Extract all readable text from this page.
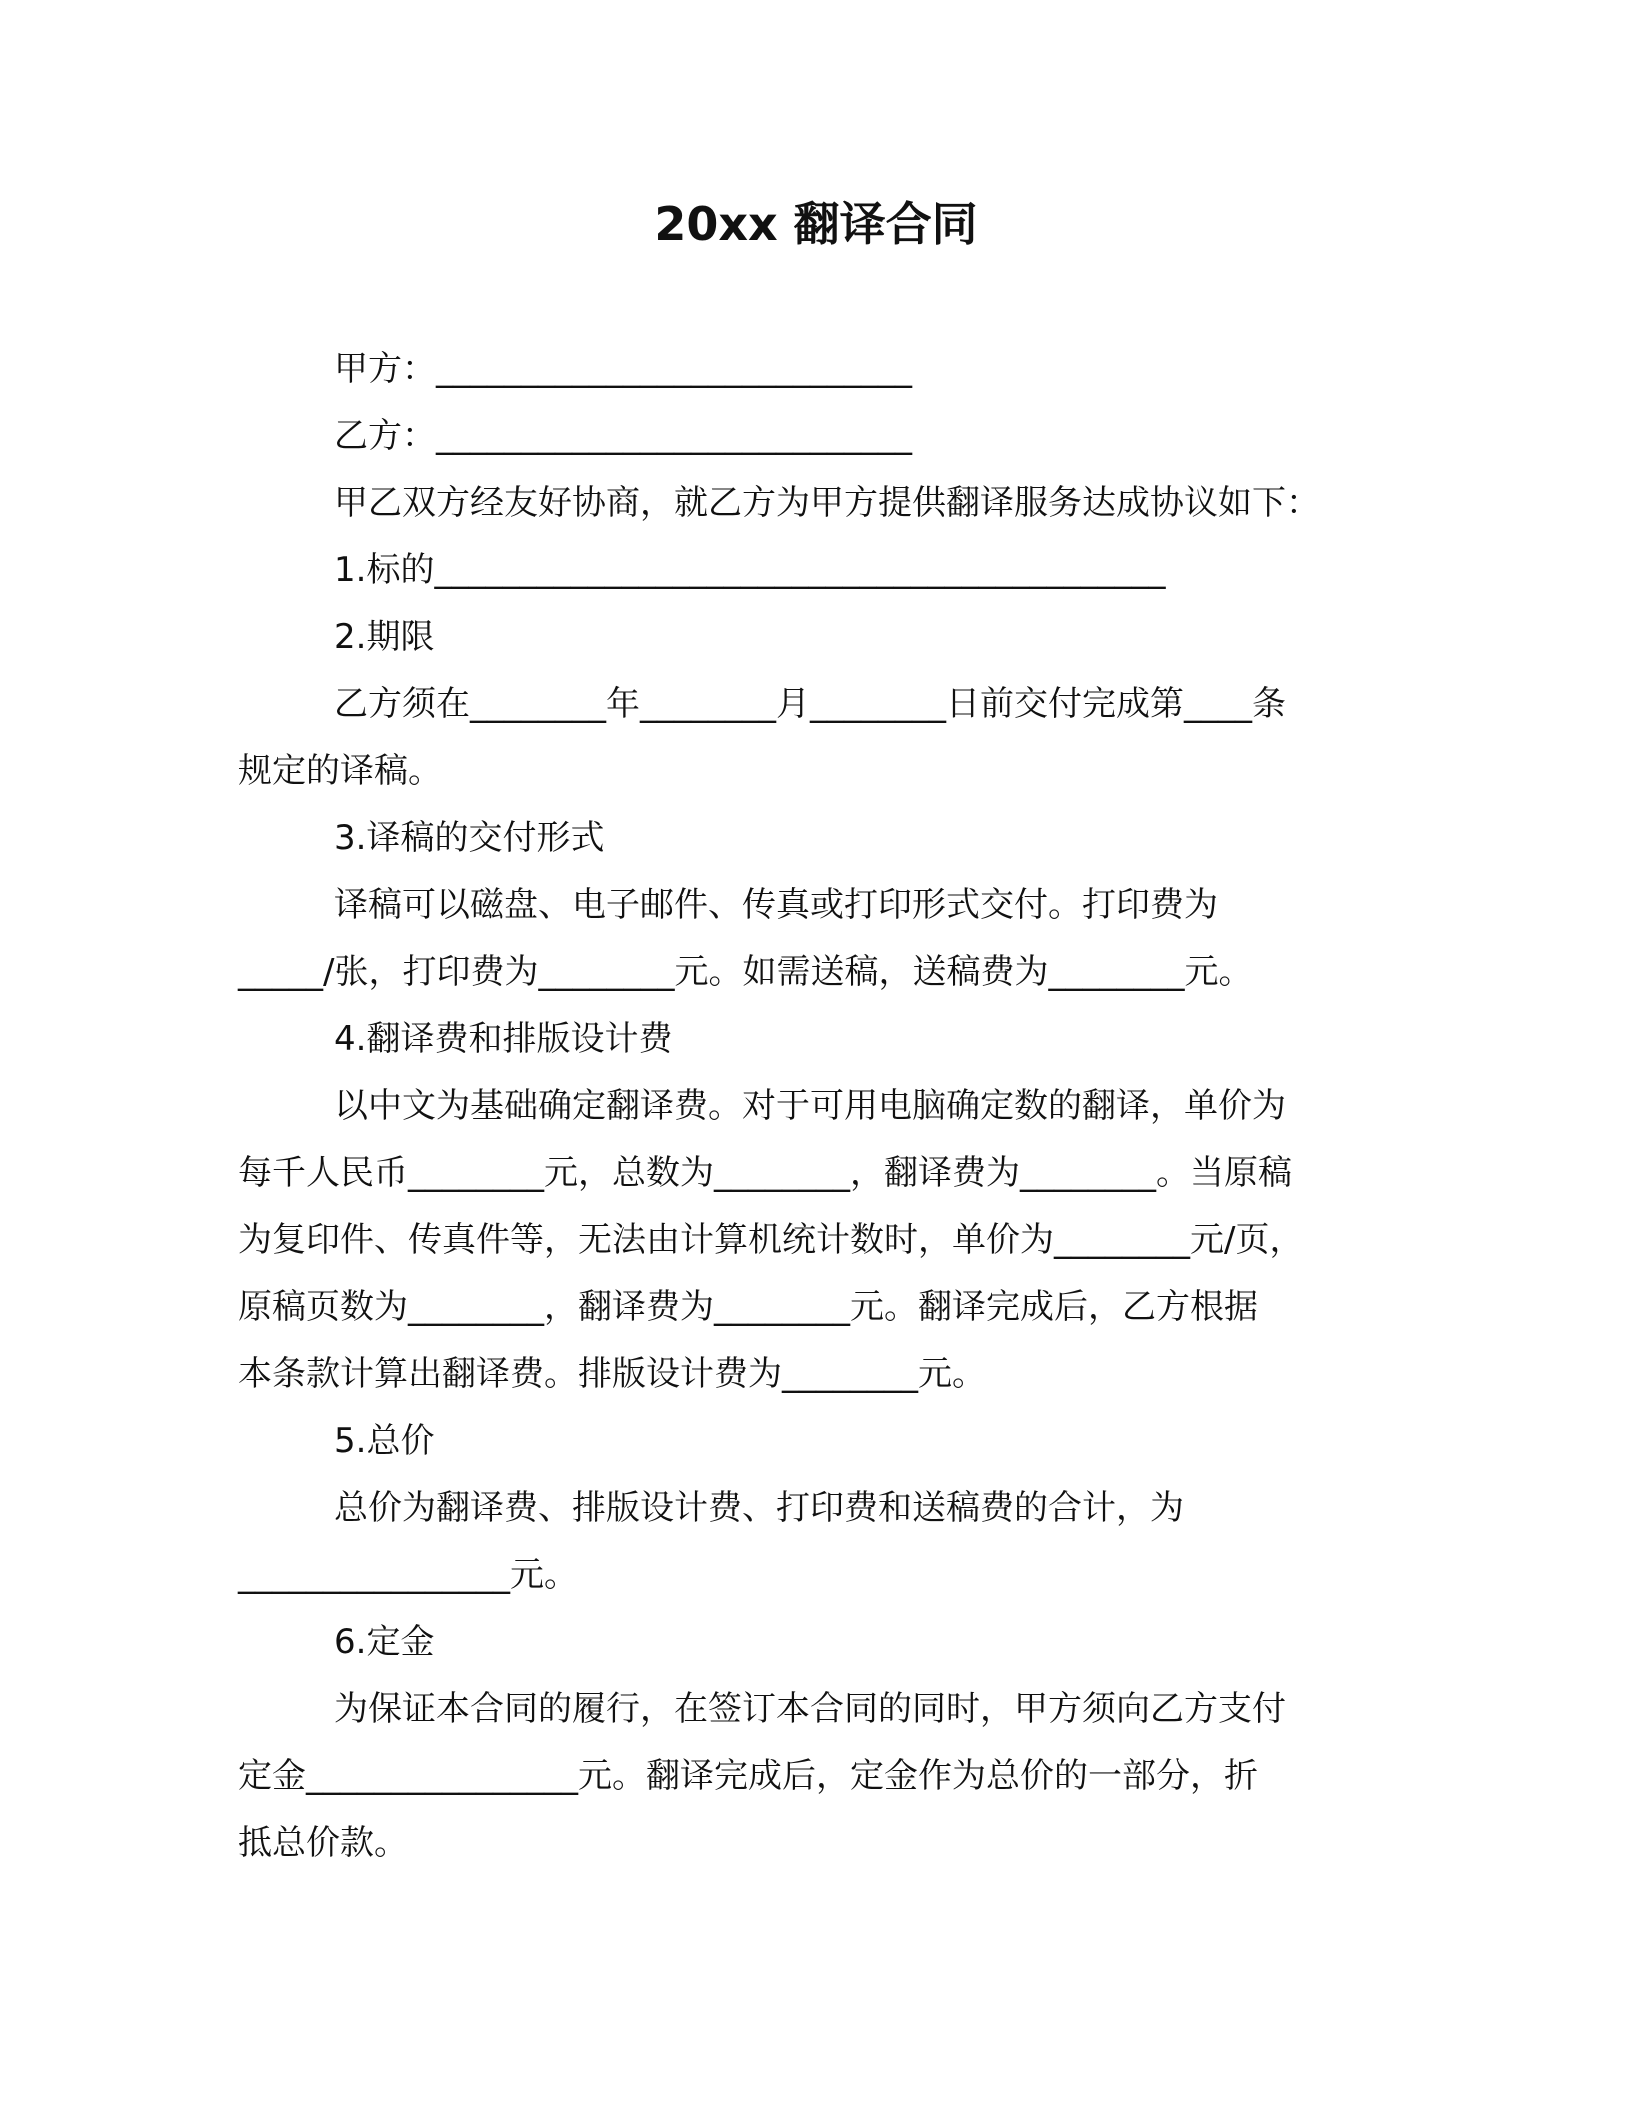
20xx 翻译合同

甲方：____________________________

乙方：____________________________

甲乙双方经友好协商，就乙方为甲方提供翻译服务达成协议如下：

1.标的___________________________________________

2.期限

乙方须在________年________月________日前交付完成第____条

规定的译稿。

3.译稿的交付形式

译稿可以磁盘、电子邮件、传真或打印形式交付。打印费为

_____/张，打印费为________元。如需送稿，送稿费为________元。

4.翻译费和排版设计费

以中文为基础确定翻译费。对于可用电脑确定数的翻译，单价为

每千人民币________元，总数为________，翻译费为________。当原稿

为复印件、传真件等，无法由计算机统计数时，单价为________元/页，

原稿页数为________，翻译费为________元。翻译完成后，乙方根据

本条款计算出翻译费。排版设计费为________元。

5.总价

总价为翻译费、排版设计费、打印费和送稿费的合计，为

________________元。

6.定金

为保证本合同的履行，在签订本合同的同时，甲方须向乙方支付

定金________________元。翻译完成后，定金作为总价的一部分，折

抵总价款。
